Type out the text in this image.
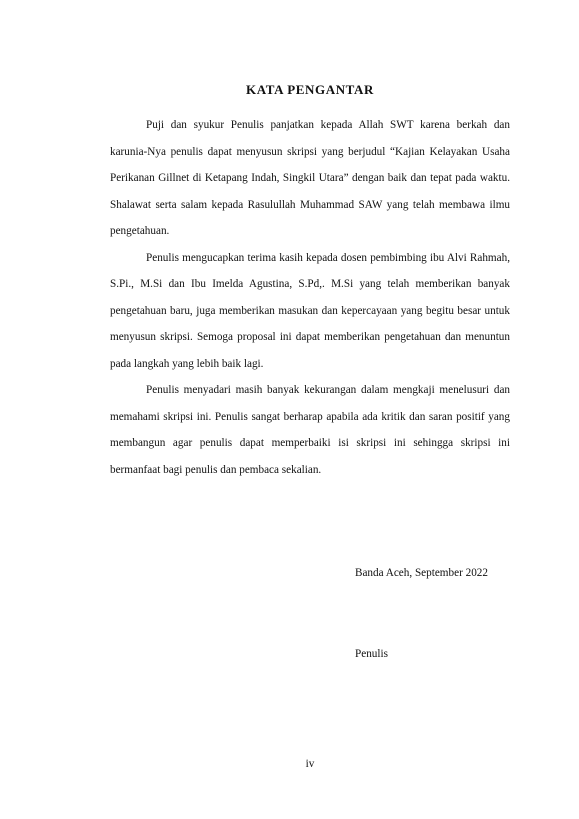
KATA PENGANTAR

Puji dan syukur Penulis panjatkan kepada Allah SWT karena berkah dan karunia-Nya penulis dapat menyusun skripsi yang berjudul “Kajian Kelayakan Usaha Perikanan Gillnet di Ketapang Indah, Singkil Utara” dengan baik dan tepat pada waktu. Shalawat serta salam kepada Rasulullah Muhammad SAW yang telah membawa ilmu pengetahuan.

Penulis mengucapkan terima kasih kepada dosen pembimbing ibu Alvi Rahmah, S.Pi., M.Si dan Ibu Imelda Agustina, S.Pd,. M.Si yang telah memberikan banyak pengetahuan baru, juga memberikan masukan dan kepercayaan yang begitu besar untuk menyusun skripsi. Semoga proposal ini dapat memberikan pengetahuan dan menuntun pada langkah yang lebih baik lagi.

Penulis menyadari masih banyak kekurangan dalam mengkaji menelusuri dan memahami skripsi ini. Penulis sangat berharap apabila ada kritik dan saran positif yang membangun agar penulis dapat memperbaiki isi skripsi ini sehingga skripsi ini bermanfaat bagi penulis dan pembaca sekalian.

Banda Aceh, September 2022
Penulis
iv
